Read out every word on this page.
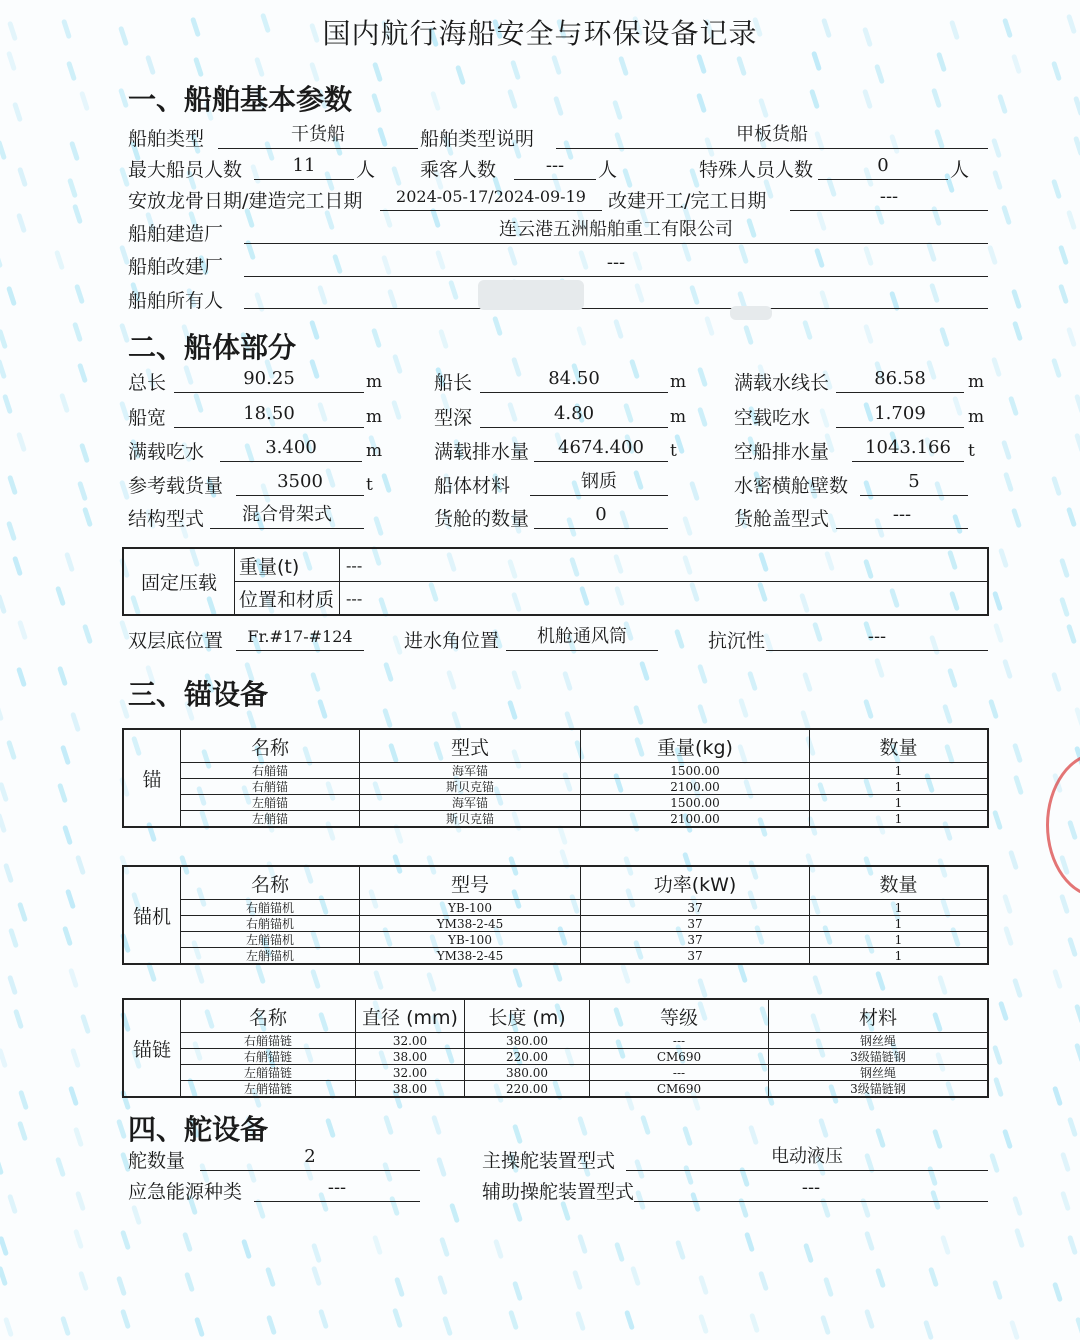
国内航行海船安全与环保设备记录
一、船舶基本参数
船舶类型	干货船	船舶类型说明	甲板货船
最大船员人数	11	人 乘客人数	---	人	特殊人员人数	0	人
安放龙骨日期/建造完工日期	2024-05-17/2024-09-19	改建开工/完工日期	---
船舶建造厂	连云港五洲船舶重工有限公司
船舶改建厂	---
船舶所有人
二、船体部分
总长	90.25	m	船长	84.50	m	满载水线长	86.58	m
船宽	18.50	m	型深	4.80	m	空载吃水	1.709	m
满载吃水	3.400	m	满载排水量	4674.400	t	空船排水量	1043.166	t
参考载货量	3500	t	船体材料	钢质	水密横舱壁数	5
结构型式	混合骨架式	货舱的数量	0	货舱盖型式	---
固定压载	重量(t)	---
	位置和材质	---
双层底位置	Fr.#17-#124	进水角位置	机舱通风筒	抗沉性	---
三、锚设备
锚	名称	型式	重量(kg)	数量
	右艏锚	海军锚	1500.00	1
	右艄锚	斯贝克锚	2100.00	1
	左艏锚	海军锚	1500.00	1
	左艄锚	斯贝克锚	2100.00	1
锚机	名称	型号	功率(kW)	数量
	右艏锚机	YB-100	37	1
	右艄锚机	YM38-2-45	37	1
	左艏锚机	YB-100	37	1
	左艄锚机	YM38-2-45	37	1
锚链	名称	直径 (mm)	长度 (m)	等级	材料
	右艏锚链	32.00	380.00	---	钢丝绳
	右艄锚链	38.00	220.00	CM690	3级锚链钢
	左艏锚链	32.00	380.00	---	钢丝绳
	左艄锚链	38.00	220.00	CM690	3级锚链钢
四、舵设备
舵数量	2	主操舵装置型式	电动液压
应急能源种类	---	辅助操舵装置型式	---
